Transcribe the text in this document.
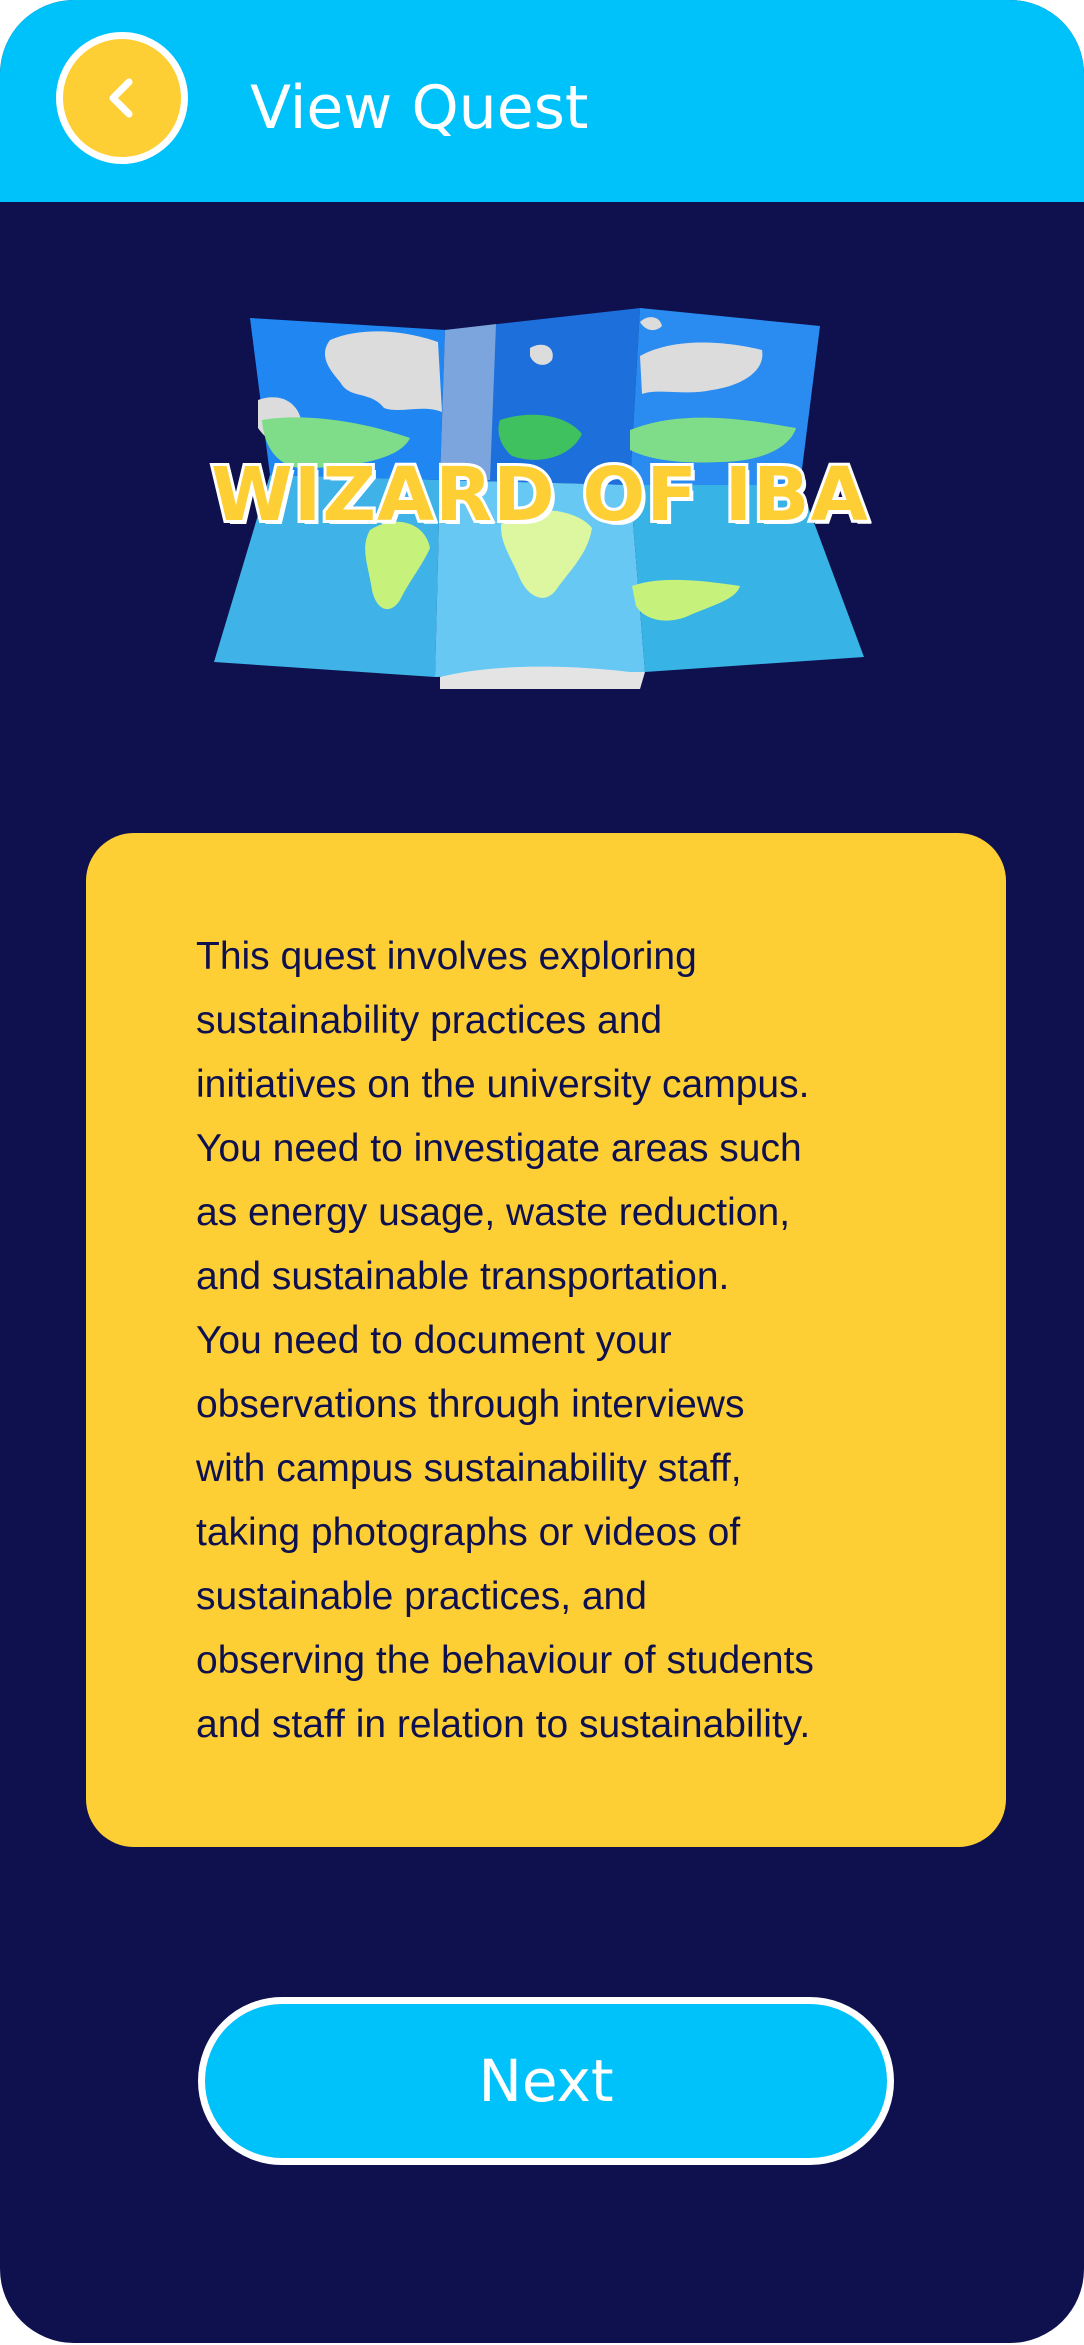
View Quest
WIZARD OF IBA

This quest involves exploring
sustainability practices and
initiatives on the university campus.
You need to investigate areas such
as energy usage, waste reduction,
and sustainable transportation.
You need to document your
observations through interviews
with campus sustainability staff,
taking photographs or videos of
sustainable practices, and
observing the behaviour of students
and staff in relation to sustainability.

Next
